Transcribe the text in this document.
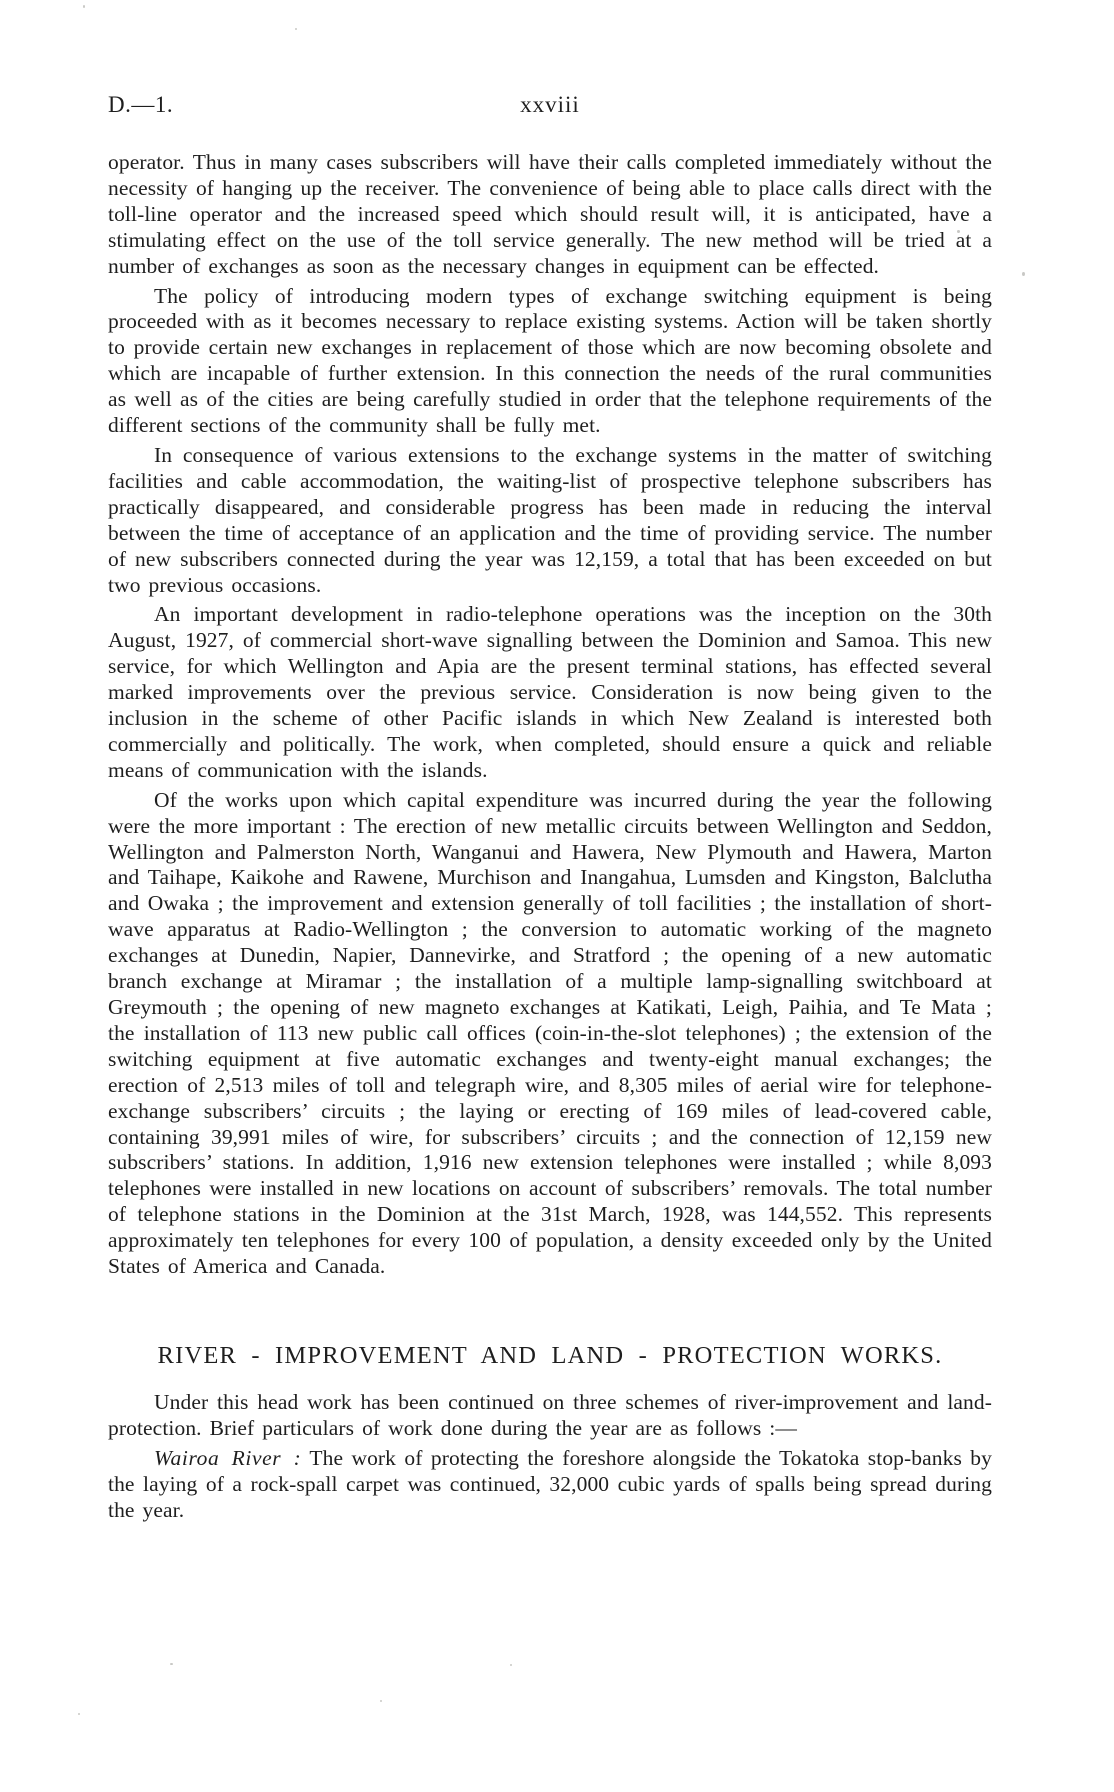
D.—1.	xxviii

operator. Thus in many cases subscribers will have their calls completed immediately without the necessity of hanging up the receiver. The convenience of being able to place calls direct with the toll-line operator and the increased speed which should result will, it is anticipated, have a stimulating effect on the use of the toll service generally. The new method will be tried at a number of exchanges as soon as the necessary changes in equipment can be effected.

The policy of introducing modern types of exchange switching equipment is being proceeded with as it becomes necessary to replace existing systems. Action will be taken shortly to provide certain new exchanges in replacement of those which are now becoming obsolete and which are incapable of further extension. In this connection the needs of the rural communities as well as of the cities are being carefully studied in order that the telephone requirements of the different sections of the community shall be fully met.

In consequence of various extensions to the exchange systems in the matter of switching facilities and cable accommodation, the waiting-list of prospective telephone subscribers has practically disappeared, and considerable progress has been made in reducing the interval between the time of acceptance of an application and the time of providing service. The number of new subscribers connected during the year was 12,159, a total that has been exceeded on but two previous occasions.

An important development in radio-telephone operations was the inception on the 30th August, 1927, of commercial short-wave signalling between the Dominion and Samoa. This new service, for which Wellington and Apia are the present terminal stations, has effected several marked improvements over the previous service. Consideration is now being given to the inclusion in the scheme of other Pacific islands in which New Zealand is interested both commercially and politically. The work, when completed, should ensure a quick and reliable means of communication with the islands.

Of the works upon which capital expenditure was incurred during the year the following were the more important : The erection of new metallic circuits between Wellington and Seddon, Wellington and Palmerston North, Wanganui and Hawera, New Plymouth and Hawera, Marton and Taihape, Kaikohe and Rawene, Murchison and Inangahua, Lumsden and Kingston, Balclutha and Owaka ; the improvement and extension generally of toll facilities ; the installation of short-wave apparatus at Radio-Wellington ; the conversion to automatic working of the magneto exchanges at Dunedin, Napier, Dannevirke, and Stratford ; the opening of a new automatic branch exchange at Miramar ; the installation of a multiple lamp-signalling switchboard at Greymouth ; the opening of new magneto exchanges at Katikati, Leigh, Paihia, and Te Mata ; the installation of 113 new public call offices (coin-in-the-slot telephones) ; the extension of the switching equipment at five automatic exchanges and twenty-eight manual exchanges; the erection of 2,513 miles of toll and telegraph wire, and 8,305 miles of aerial wire for telephone-exchange subscribers’ circuits ; the laying or erecting of 169 miles of lead-covered cable, containing 39,991 miles of wire, for subscribers’ circuits ; and the connection of 12,159 new subscribers’ stations. In addition, 1,916 new extension telephones were installed ; while 8,093 telephones were installed in new locations on account of subscribers’ removals. The total number of telephone stations in the Dominion at the 31st March, 1928, was 144,552. This represents approximately ten telephones for every 100 of population, a density exceeded only by the United States of America and Canada.

RIVER - IMPROVEMENT AND LAND - PROTECTION WORKS.

Under this head work has been continued on three schemes of river-improvement and land-protection. Brief particulars of work done during the year are as follows :—

Wairoa River : The work of protecting the foreshore alongside the Tokatoka stop-banks by the laying of a rock-spall carpet was continued, 32,000 cubic yards of spalls being spread during the year.
